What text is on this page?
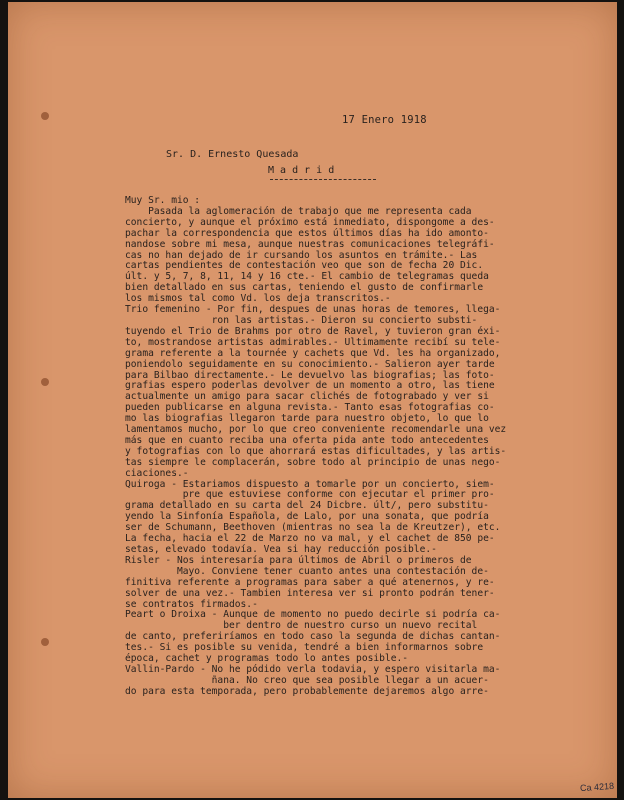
17 Enero 1918
Sr. D. Ernesto Quesada
M a d r i d
Muy Sr. mio :
Pasada la aglomeración de trabajo que me representa cada
concierto, y aunque el próximo está inmediato, dispongome a des-
pachar la correspondencia que estos últimos días ha ido amonto-
nandose sobre mi mesa, aunque nuestras comunicaciones telegráfi-
cas no han dejado de ir cursando los asuntos en trámite.- Las
cartas pendientes de contestación veo que son de fecha 20 Dic.
últ. y 5, 7, 8, 11, 14 y 16 cte.- El cambio de telegramas queda
bien detallado en sus cartas, teniendo el gusto de confirmarle
los mismos tal como Vd. los deja transcritos.-
Trio femenino - Por fin, despues de unas horas de temores, llega-
ron las artistas.- Dieron su concierto substi-
tuyendo el Trio de Brahms por otro de Ravel, y tuvieron gran éxi-
to, mostrandose artistas admirables.- Ultimamente recibí su tele-
grama referente a la tournée y cachets que Vd. les ha organizado,
poniendolo seguidamente en su conocimiento.- Salieron ayer tarde
para Bilbao directamente.- Le devuelvo las biografias; las foto-
grafias espero poderlas devolver de un momento a otro, las tiene
actualmente un amigo para sacar clichés de fotograbado y ver si
pueden publicarse en alguna revista.- Tanto esas fotografias co-
mo las biografias llegaron tarde para nuestro objeto, lo que lo
lamentamos mucho, por lo que creo conveniente recomendarle una vez
más que en cuanto reciba una oferta pida ante todo antecedentes
y fotografias con lo que ahorrará estas dificultades, y las artis-
tas siempre le complacerán, sobre todo al principio de unas nego-
ciaciones.-
Quiroga - Estariamos dispuesto a tomarle por un concierto, siem-
pre que estuviese conforme con ejecutar el primer pro-
grama detallado en su carta del 24 Dicbre. últ/, pero substitu-
yendo la Sinfonía Española, de Lalo, por una sonata, que podría
ser de Schumann, Beethoven (mientras no sea la de Kreutzer), etc.
La fecha, hacia el 22 de Marzo no va mal, y el cachet de 850 pe-
setas, elevado todavía. Vea si hay reducción posible.-
Risler - Nos interesaría para últimos de Abril o primeros de
Mayo. Conviene tener cuanto antes una contestación de-
finitiva referente a programas para saber a qué atenernos, y re-
solver de una vez.- Tambien interesa ver si pronto podrán tener-
se contratos firmados.-
Peart o Droixa - Aunque de momento no puedo decirle si podría ca-
ber dentro de nuestro curso un nuevo recital
de canto, preferiríamos en todo caso la segunda de dichas cantan-
tes.- Si es posible su venida, tendré a bien informarnos sobre
época, cachet y programas todo lo antes posible.-
Vallin-Pardo - No he pódido verla todavia, y espero visitarla ma-
ñana. No creo que sea posible llegar a un acuer-
do para esta temporada, pero probablemente dejaremos algo arre-
Ca 4218
